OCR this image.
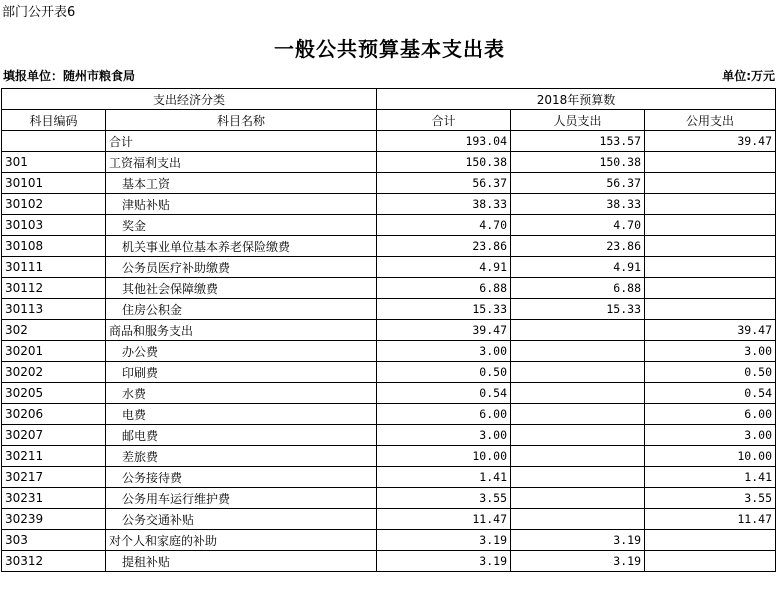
部门公开表6
一般公共预算基本支出表
填报单位：随州市粮食局	单位:万元
支出经济分类		2018年预算数		
科目编码	科目名称	合计	人员支出	公用支出
	合计	193.04	153.57	39.47
301	工资福利支出	150.38	150.38	
30101	基本工资	56.37	56.37	
30102	津贴补贴	38.33	38.33	
30103	奖金	4.70	4.70	
30108	机关事业单位基本养老保险缴费	23.86	23.86	
30111	公务员医疗补助缴费	4.91	4.91	
30112	其他社会保障缴费	6.88	6.88	
30113	住房公积金	15.33	15.33	
302	商品和服务支出	39.47		39.47
30201	办公费	3.00		3.00
30202	印刷费	0.50		0.50
30205	水费	0.54		0.54
30206	电费	6.00		6.00
30207	邮电费	3.00		3.00
30211	差旅费	10.00		10.00
30217	公务接待费	1.41		1.41
30231	公务用车运行维护费	3.55		3.55
30239	公务交通补贴	11.47		11.47
303	对个人和家庭的补助	3.19	3.19	
30312	提租补贴	3.19	3.19	
